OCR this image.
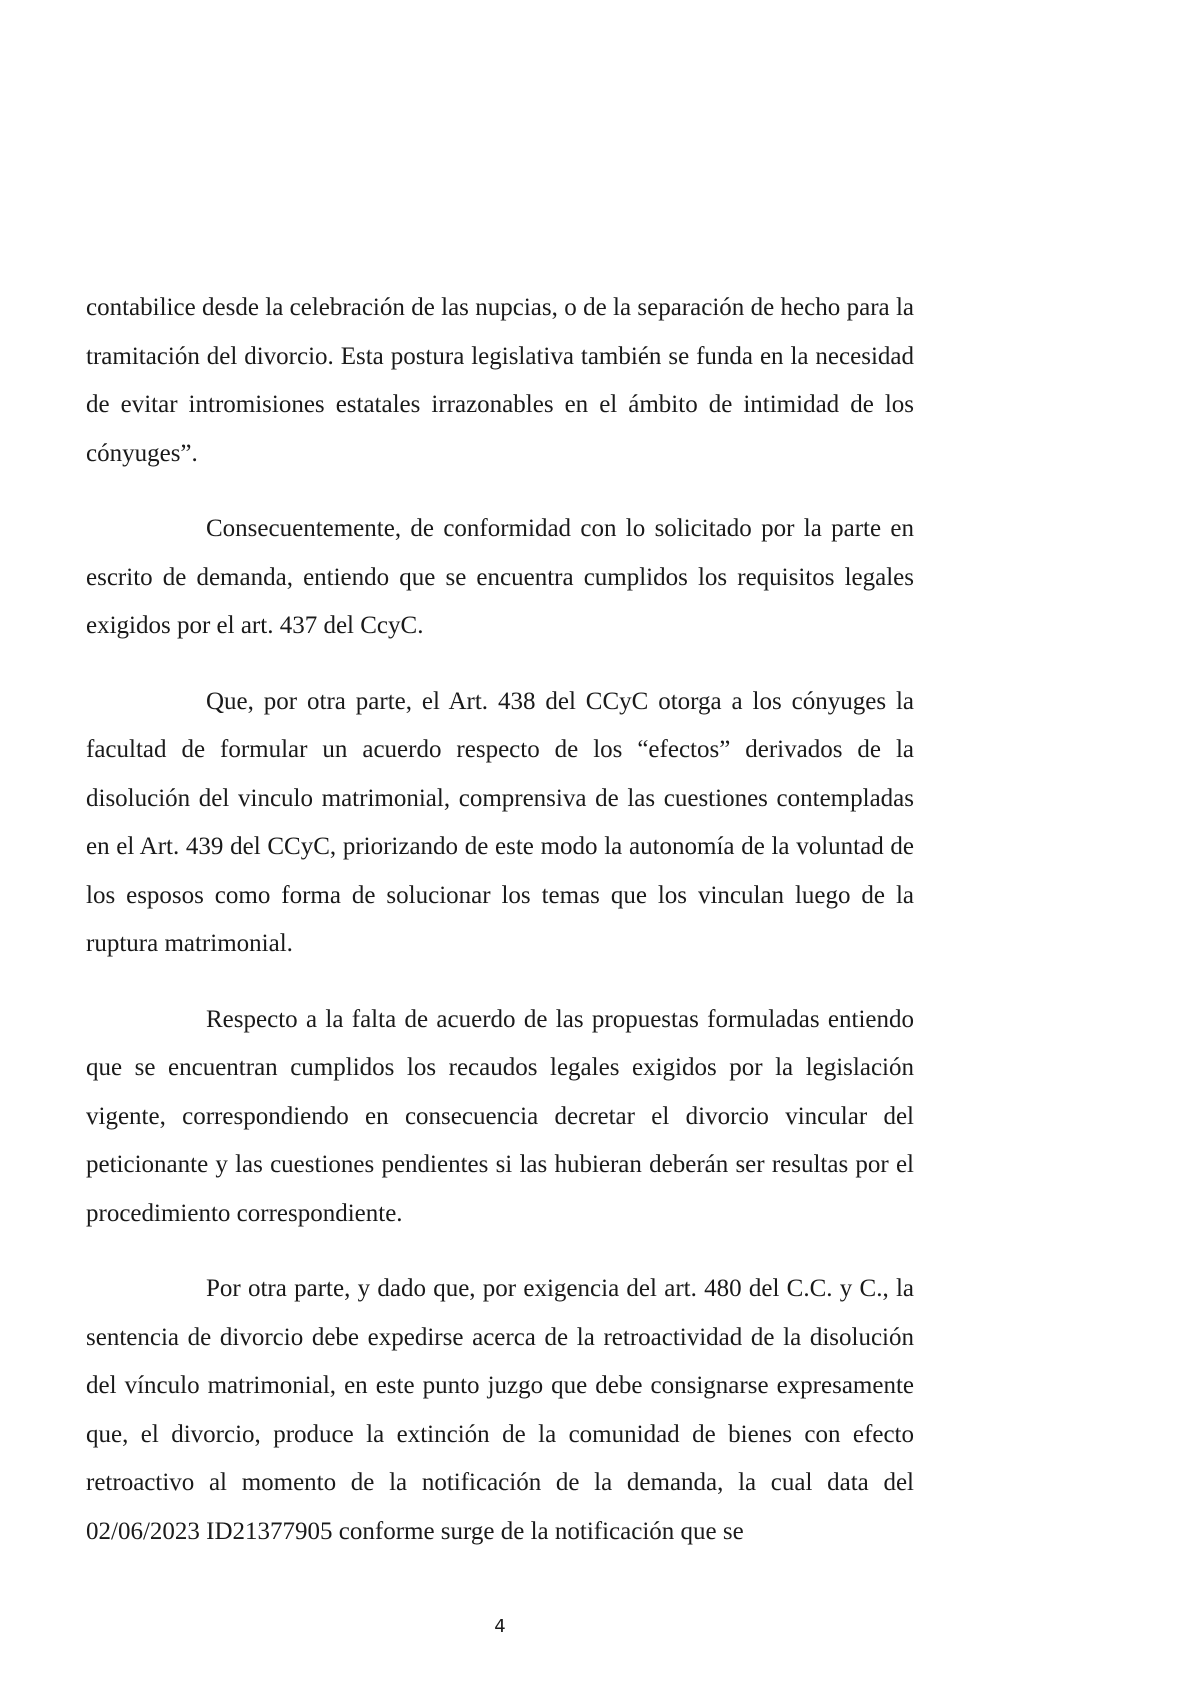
contabilice desde la celebración de las nupcias, o de la separación de hecho para la tramitación del divorcio. Esta postura legislativa también se funda en la necesidad de evitar intromisiones estatales irrazonables en el ámbito de intimidad de los cónyuges”.

Consecuentemente, de conformidad con lo solicitado por la parte en escrito de demanda, entiendo que se encuentra cumplidos los requisitos legales exigidos por el art. 437 del CcyC.

Que, por otra parte, el Art. 438 del CCyC otorga a los cónyuges la facultad de formular un acuerdo respecto de los “efectos” derivados de la disolución del vinculo matrimonial, comprensiva de las cuestiones contempladas en el Art. 439 del CCyC, priorizando de este modo la autonomía de la voluntad de los esposos como forma de solucionar los temas que los vinculan luego de la ruptura matrimonial.

Respecto a la falta de acuerdo de las propuestas formuladas entiendo que se encuentran cumplidos los recaudos legales exigidos por la legislación vigente, correspondiendo en consecuencia decretar el divorcio vincular del peticionante y las cuestiones pendientes si las hubieran deberán ser resultas por el procedimiento correspondiente.

Por otra parte, y dado que, por exigencia del art. 480 del C.C. y C., la sentencia de divorcio debe expedirse acerca de la retroactividad de la disolución del vínculo matrimonial, en este punto juzgo que debe consignarse expresamente que, el divorcio, produce la extinción de la comunidad de bienes con efecto retroactivo al momento de la notificación de la demanda, la cual data del 02/06/2023 ID21377905 conforme surge de la notificación que se

4
